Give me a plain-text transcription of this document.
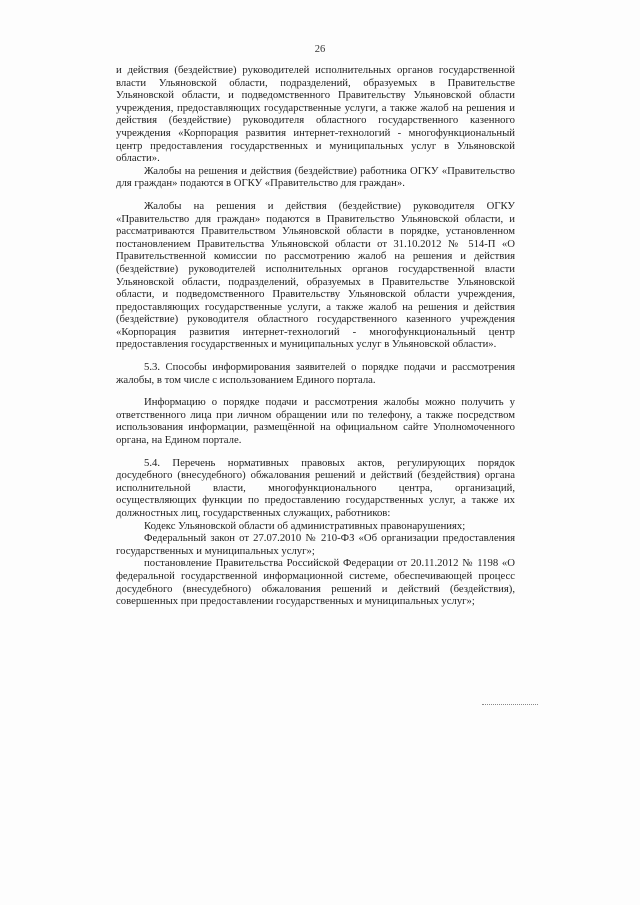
26

и действия (бездействие) руководителей исполнительных органов государственной власти Ульяновской области, подразделений, образуемых в Правительстве Ульяновской области, и подведомственного Правительству Ульяновской области учреждения, предоставляющих государственные услуги, а также жалоб на решения и действия (бездействие) руководителя областного государственного казенного учреждения «Корпорация развития интернет-технологий - многофункциональный центр предоставления государственных и муниципальных услуг в Ульяновской области».

Жалобы на решения и действия (бездействие) работника ОГКУ «Правительство для граждан» подаются в ОГКУ «Правительство для граждан».

Жалобы на решения и действия (бездействие) руководителя ОГКУ «Правительство для граждан» подаются в Правительство Ульяновской области, и рассматриваются Правительством Ульяновской области в порядке, установленном постановлением Правительства Ульяновской области от 31.10.2012 № 514-П «О Правительственной комиссии по рассмотрению жалоб на решения и действия (бездействие) руководителей исполнительных органов государственной власти Ульяновской области, подразделений, образуемых в Правительстве Ульяновской области, и подведомственного Правительству Ульяновской области учреждения, предоставляющих государственные услуги, а также жалоб на решения и действия (бездействие) руководителя областного государственного казенного учреждения «Корпорация развития интернет-технологий - многофункциональный центр предоставления государственных и муниципальных услуг в Ульяновской области».

5.3. Способы информирования заявителей о порядке подачи и рассмотрения жалобы, в том числе с использованием Единого портала.

Информацию о порядке подачи и рассмотрения жалобы можно получить у ответственного лица при личном обращении или по телефону, а также посредством использования информации, размещённой на официальном сайте Уполномоченного органа, на Едином портале.

5.4. Перечень нормативных правовых актов, регулирующих порядок досудебного (внесудебного) обжалования решений и действий (бездействия) органа исполнительной власти, многофункционального центра, организаций, осуществляющих функции по предоставлению государственных услуг, а также их должностных лиц, государственных служащих, работников:

Кодекс Ульяновской области об административных правонарушениях;

Федеральный закон от 27.07.2010 № 210-ФЗ «Об организации предоставления государственных и муниципальных услуг»;

постановление Правительства Российской Федерации от 20.11.2012 № 1198 «О федеральной государственной информационной системе, обеспечивающей процесс досудебного (внесудебного) обжалования решений и действий (бездействия), совершенных при предоставлении государственных и муниципальных услуг»;
